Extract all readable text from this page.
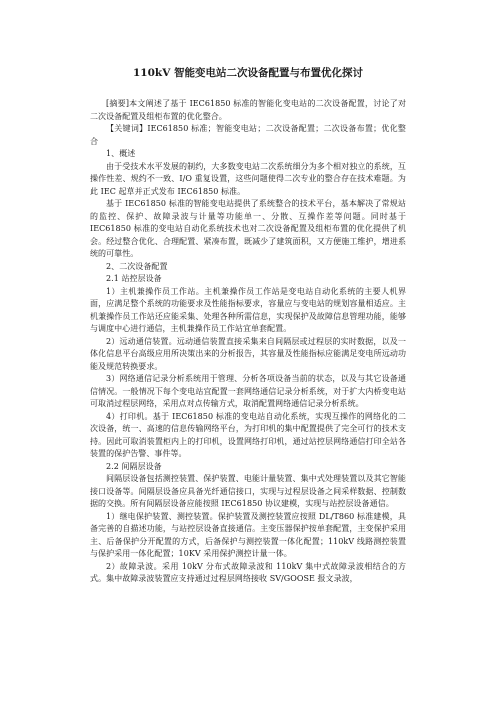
110kV 智能变电站二次设备配置与布置优化探讨

[摘要]本文阐述了基于 IEC61850 标准的智能化变电站的二次设备配置，讨论了对二次设备配置及组柜布置的优化整合。

【关键词】IEC61850 标准；智能变电站；二次设备配置；二次设备布置；优化整合

1、概述

由于受技术水平发展的制约，大多数变电站二次系统细分为多个相对独立的系统，互操作性差、规约不一致、I/O 重复设置，这些问题使得二次专业的整合存在技术难题。为此 IEC 起草并正式发布 IEC61850 标准。

基于 IEC61850 标准的智能变电站提供了系统整合的技术平台，基本解决了常规站的监控、保护、故障录波与计量等功能单一、分散、互操作差等问题。同时基于 IEC61850 标准的变电站自动化系统技术也对二次设备配置及组柜布置的优化提供了机会。经过整合优化、合理配置、紧凑布置，既减少了建筑面积，又方便施工维护，增进系统的可靠性。

2、二次设备配置

2.1 站控层设备

1）主机兼操作员工作站。主机兼操作员工作站是变电站自动化系统的主要人机界面，应满足整个系统的功能要求及性能指标要求，容量应与变电站的规划容量相适应。主机兼操作员工作站还应能采集、处理各种所需信息，实现保护及故障信息管理功能，能够与调度中心进行通信，主机兼操作员工作站宜单套配置。

2）远动通信装置。远动通信装置直接采集来自间隔层或过程层的实时数据，以及一体化信息平台高级应用所决策出来的分析报告，其容量及性能指标应能满足变电所远动功能及规范转换要求。

3）网络通信记录分析系统用于管理、分析各项设备当前的状态，以及与其它设备通信情况。一般情况下每个变电站宜配置一套网络通信记录分析系统，对于扩大内桥变电站可取消过程层网络，采用点对点传输方式，取消配置网络通信记录分析系统。

4）打印机。基于 IEC61850 标准的变电站自动化系统，实现互操作的网络化的二次设备，统一、高速的信息传输网络平台，为打印机的集中配置提供了完全可行的技术支持。因此可取消装置柜内上的打印机，设置网络打印机，通过站控层网络通信打印全站各装置的保护告警、事件等。

2.2 间隔层设备

间隔层设备包括测控装置、保护装置、电能计量装置、集中式处理装置以及其它智能接口设备等。间隔层设备应具备光纤通信接口，实现与过程层设备之间采样数据、控制数据的交换。所有间隔层设备应能按照 IEC61850 协议建模，实现与站控层设备通信。

1）继电保护装置、测控装置。保护装置及测控装置应按照 DL/T860 标准建模，具备完善的自描述功能，与站控层设备直接通信。主变压器保护按单套配置，主变保护采用主、后备保护分开配置的方式，后备保护与测控装置一体化配置；110kV 线路测控装置与保护采用一体化配置；10KV 采用保护测控计量一体。

2）故障录波。采用 10kV 分布式故障录波和 110kV 集中式故障录波相结合的方式。集中故障录波装置应支持通过过程层网络接收 SV/GOOSE 报文录波，
